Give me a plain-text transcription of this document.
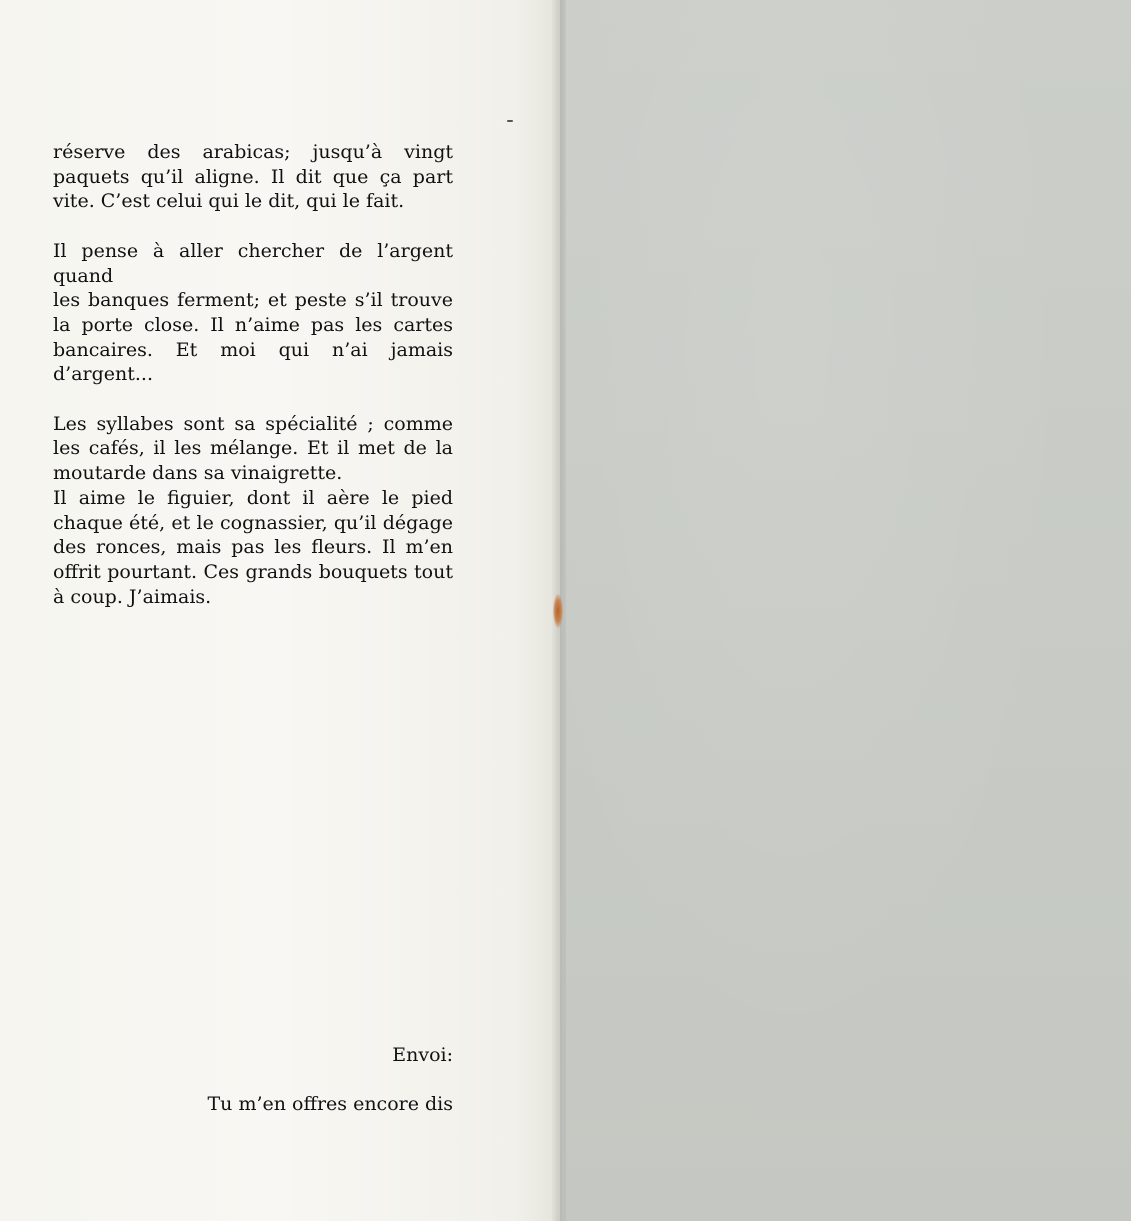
réserve des arabicas; jusqu’à vingt
paquets qu’il aligne. Il dit que ça part
vite. C’est celui qui le dit, qui le fait.
Il pense à aller chercher de l’argent quand
les banques ferment; et peste s’il trouve
la porte close. Il n’aime pas les cartes
bancaires. Et moi qui n’ai jamais
d’argent...
Les syllabes sont sa spécialité ; comme
les cafés, il les mélange. Et il met de la
moutarde dans sa vinaigrette.
Il aime le figuier, dont il aère le pied
chaque été, et le cognassier, qu’il dégage
des ronces, mais pas les fleurs. Il m’en
offrit pourtant. Ces grands bouquets tout
à coup. J’aimais.
Envoi:
Tu m’en offres encore dis
